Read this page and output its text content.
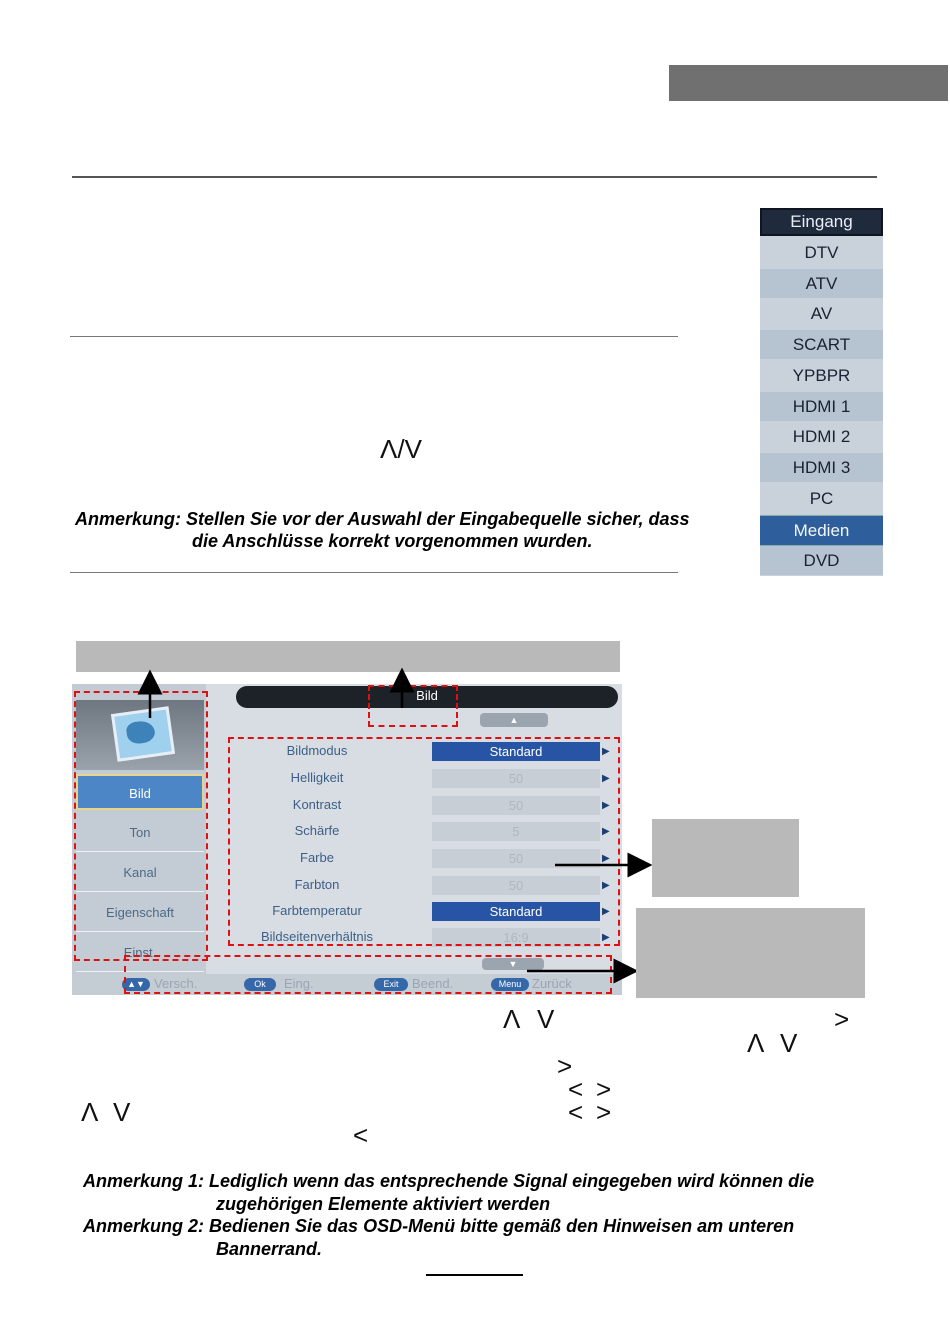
Eingang
DTV
ATV
AV
SCART
YPBPR
HDMI 1
HDMI 2
HDMI 3
PC
Medien
DVD
Λ/V
Anmerkung: Stellen Sie vor der Auswahl der Eingabequelle sicher, dass
die Anschlüsse korrekt vorgenommen wurden.
Bild
Ton
Kanal
Eigenschaft
Einst.
Bild
▲
Bildmodus	Standard	▶
Helligkeit	50	▶
Kontrast	50	▶
Schärfe	5	▶
Farbe	50	▶
Farbton	50	▶
Farbtemperatur	Standard	▶
Bildseitenverhältnis	16:9	▶
▼
▲▼ Versch.	Ok	Eing.	Exit	Beend.	Menu Zurück
Λ V	>
Λ V
>
< >
Λ V	< >
<
Anmerkung 1: Lediglich wenn das entsprechende Signal eingegeben wird können die
zugehörigen Elemente aktiviert werden
Anmerkung 2: Bedienen Sie das OSD-Menü bitte gemäß den Hinweisen am unteren
Bannerrand.
